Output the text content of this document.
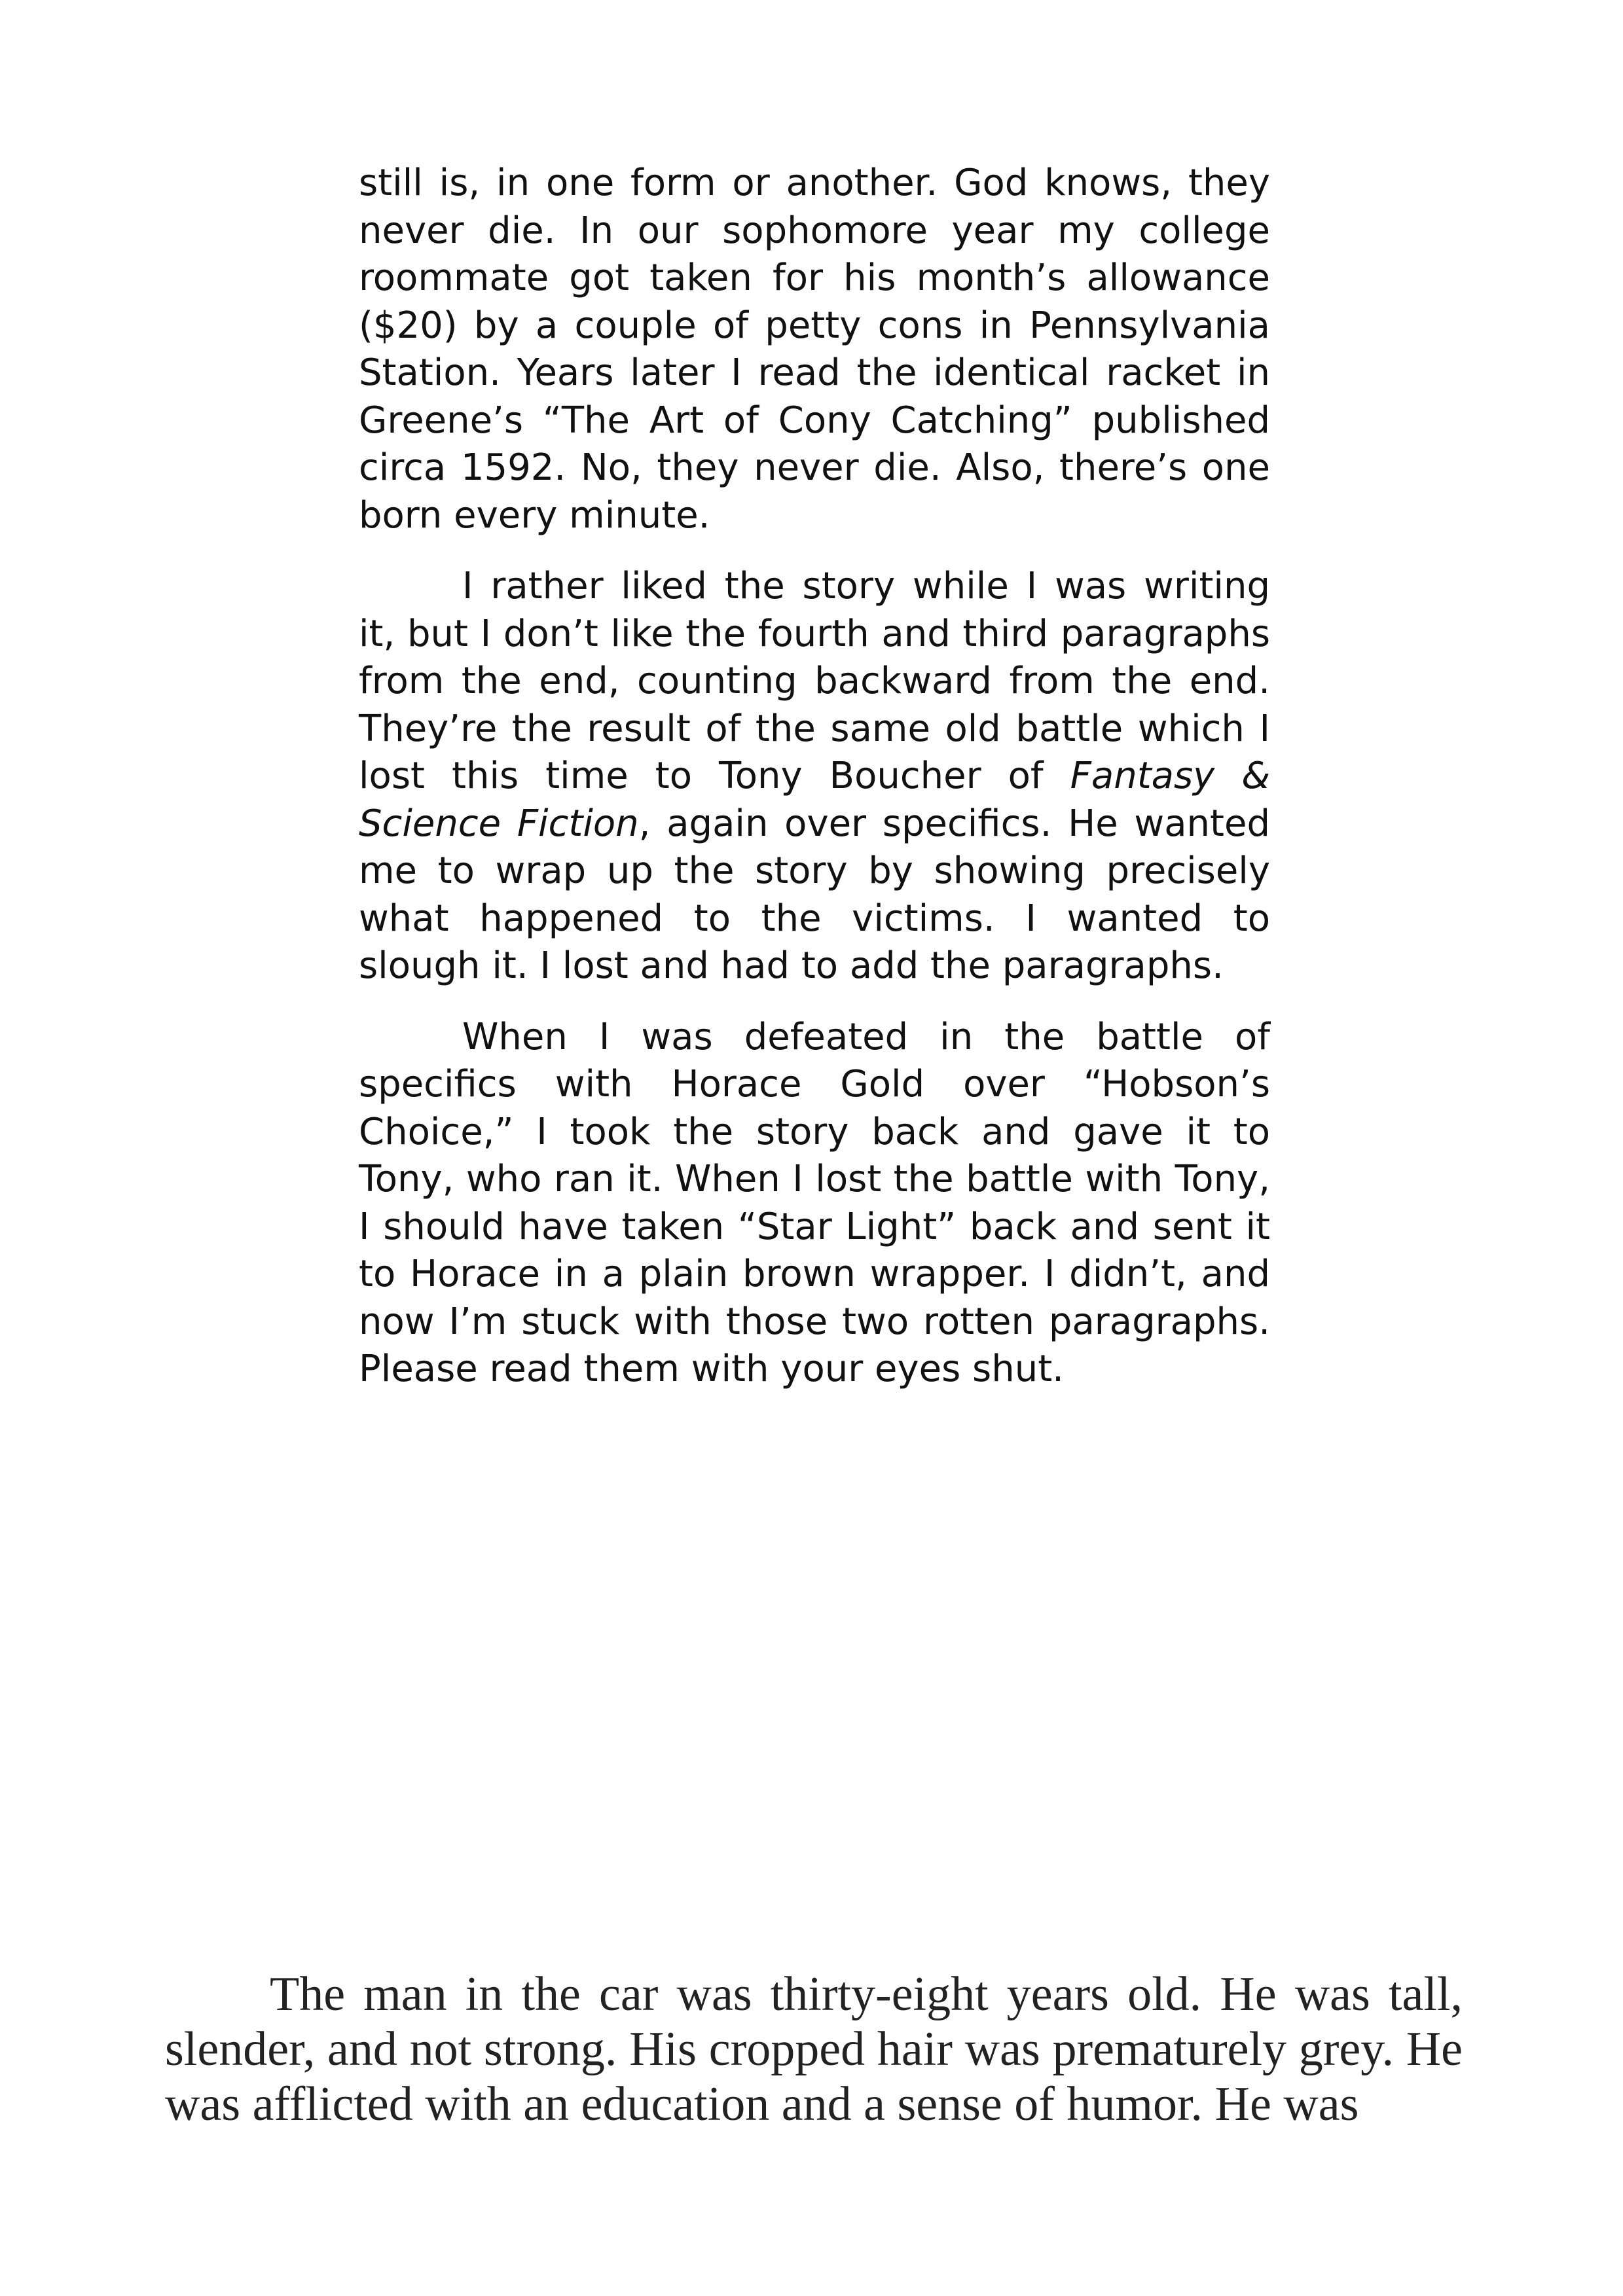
still is, in one form or another. God knows, they never die. In our sophomore year my college roommate got taken for his month’s allowance ($20) by a couple of petty cons in Pennsylvania Station. Years later I read the identical racket in Greene’s “The Art of Cony Catching” published circa 1592. No, they never die. Also, there’s one born every minute.

I rather liked the story while I was writing it, but I don’t like the fourth and third paragraphs from the end, counting backward from the end. They’re the result of the same old battle which I lost this time to Tony Boucher of Fantasy & Science Fiction, again over specifics. He wanted me to wrap up the story by showing precisely what happened to the victims. I wanted to slough it. I lost and had to add the paragraphs.

When I was defeated in the battle of specifics with Horace Gold over “Hobson’s Choice,” I took the story back and gave it to Tony, who ran it. When I lost the battle with Tony, I should have taken “Star Light” back and sent it to Horace in a plain brown wrapper. I didn’t, and now I’m stuck with those two rotten paragraphs. Please read them with your eyes shut.

The man in the car was thirty-eight years old. He was tall, slender, and not strong. His cropped hair was prematurely grey. He was afflicted with an education and a sense of humor. He was
